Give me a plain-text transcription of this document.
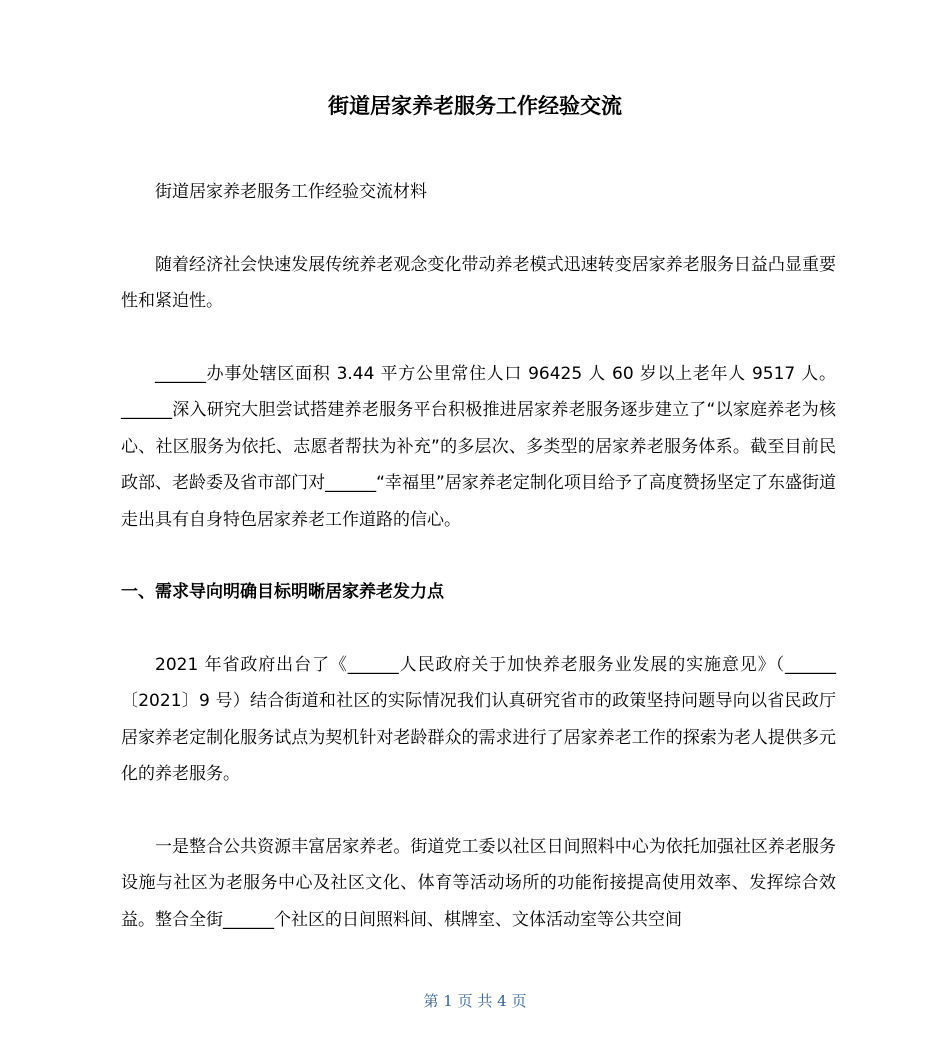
街道居家养老服务工作经验交流

街道居家养老服务工作经验交流材料

随着经济社会快速发展传统养老观念变化带动养老模式迅速转变居家养老服务日益凸显重要性和紧迫性。

______办事处辖区面积 3.44 平方公里常住人口 96425 人 60 岁以上老年人 9517 人。______深入研究大胆尝试搭建养老服务平台积极推进居家养老服务逐步建立了“以家庭养老为核心、社区服务为依托、志愿者帮扶为补充”的多层次、多类型的居家养老服务体系。截至目前民政部、老龄委及省市部门对______“幸福里”居家养老定制化项目给予了高度赞扬坚定了东盛街道走出具有自身特色居家养老工作道路的信心。

一、需求导向明确目标明晰居家养老发力点

2021 年省政府出台了《______人民政府关于加快养老服务业发展的实施意见》（______〔2021〕9 号）结合街道和社区的实际情况我们认真研究省市的政策坚持问题导向以省民政厅居家养老定制化服务试点为契机针对老龄群众的需求进行了居家养老工作的探索为老人提供多元化的养老服务。

一是整合公共资源丰富居家养老。街道党工委以社区日间照料中心为依托加强社区养老服务设施与社区为老服务中心及社区文化、体育等活动场所的功能衔接提高使用效率、发挥综合效益。整合全街______个社区的日间照料间、棋牌室、文体活动室等公共空间

第 1 页 共 4 页
